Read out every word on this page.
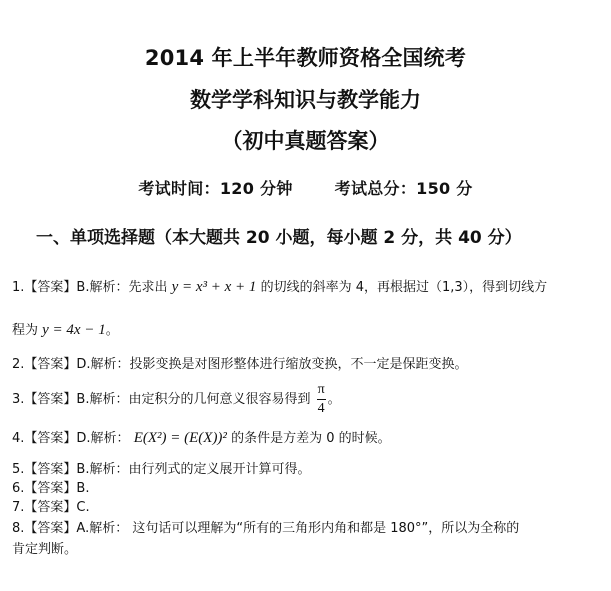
2014 年上半年教师资格全国统考
数学学科知识与教学能力
（初中真题答案）
考试时间：120 分钟	考试总分：150 分
一、单项选择题（本大题共 20 小题，每小题 2 分，共 40 分）
1.【答案】B.解析：先求出 y = x³ + x + 1 的切线的斜率为 4，再根据过（1,3），得到切线方
程为 y = 4x − 1。
2.【答案】D.解析：投影变换是对图形整体进行缩放变换，不一定是保距变换。
3.【答案】B.解析：由定积分的几何意义很容易得到 $\frac{\pi}{4}$ 。
4.【答案】D.解析： E(X²) = (E(X))² 的条件是方差为 0 的时候。
5.【答案】B.解析：由行列式的定义展开计算可得。
6.【答案】B.
7.【答案】C.
8.【答案】A.解析： 这句话可以理解为“所有的三角形内角和都是 180°”，所以为全称的
肯定判断。
